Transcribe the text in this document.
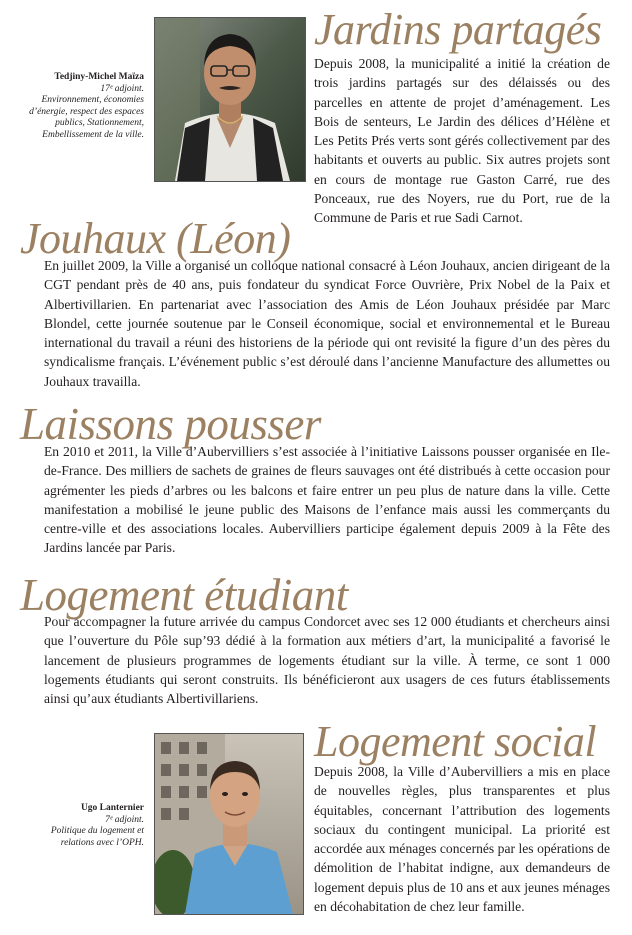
Tedjiny-Michel Maïza
17ᵉ adjoint.
Environnement, économies d’énergie, respect des espaces publics, Stationnement, Embellissement de la ville.
Jardins partagés

Depuis 2008, la municipalité a initié la création de trois jardins partagés sur des délaissés ou des parcelles en attente de projet d’aménagement. Les Bois de senteurs, Le Jardin des délices d’Hélène et Les Petits Prés verts sont gérés collectivement par des habitants et ouverts au public. Six autres projets sont en cours de montage rue Gaston Carré, rue des Ponceaux, rue des Noyers, rue du Port, rue de la Commune de Paris et rue Sadi Carnot.

Jouhaux (Léon)

En juillet 2009, la Ville a organisé un colloque national consacré à Léon Jouhaux, ancien dirigeant de la CGT pendant près de 40 ans, puis fondateur du syndicat Force Ouvrière, Prix Nobel de la Paix et Albertivillarien. En partenariat avec l’association des Amis de Léon Jouhaux présidée par Marc Blondel, cette journée soutenue par le Conseil économique, social et environnemental et le Bureau international du travail a réuni des historiens de la période qui ont revisité la figure d’un des pères du syndicalisme français. L’événement public s’est déroulé dans l’ancienne Manufacture des allumettes ou Jouhaux travailla.

Laissons pousser

En 2010 et 2011, la Ville d’Aubervilliers s’est associée à l’initiative Laissons pousser organisée en Ile-de-France. Des milliers de sachets de graines de fleurs sauvages ont été distribués à cette occasion pour agrémenter les pieds d’arbres ou les balcons et faire entrer un peu plus de nature dans la ville. Cette manifestation a mobilisé le jeune public des Maisons de l’enfance mais aussi les commerçants du centre-ville et des associations locales. Aubervilliers participe également depuis 2009 à la Fête des Jardins lancée par Paris.

Logement étudiant

Pour accompagner la future arrivée du campus Condorcet avec ses 12 000 étudiants et chercheurs ainsi que l’ouverture du Pôle sup’93 dédié à la formation aux métiers d’art, la municipalité a favorisé le lancement de plusieurs programmes de logements étudiant sur la ville. À terme, ce sont 1 000 logements étudiants qui seront construits. Ils bénéficieront aux usagers de ces futurs établissements ainsi qu’aux étudiants Albertivillariens.

Ugo Lanternier
7ᵉ adjoint.
Politique du logement et relations avec l’OPH.
Logement social

Depuis 2008, la Ville d’Aubervilliers a mis en place de nouvelles règles, plus transparentes et plus équitables, concernant l’attribution des logements sociaux du contingent municipal. La priorité est accordée aux ménages concernés par les opérations de démolition de l’habitat indigne, aux demandeurs de logement depuis plus de 10 ans et aux jeunes ménages en décohabitation de chez leur famille.
